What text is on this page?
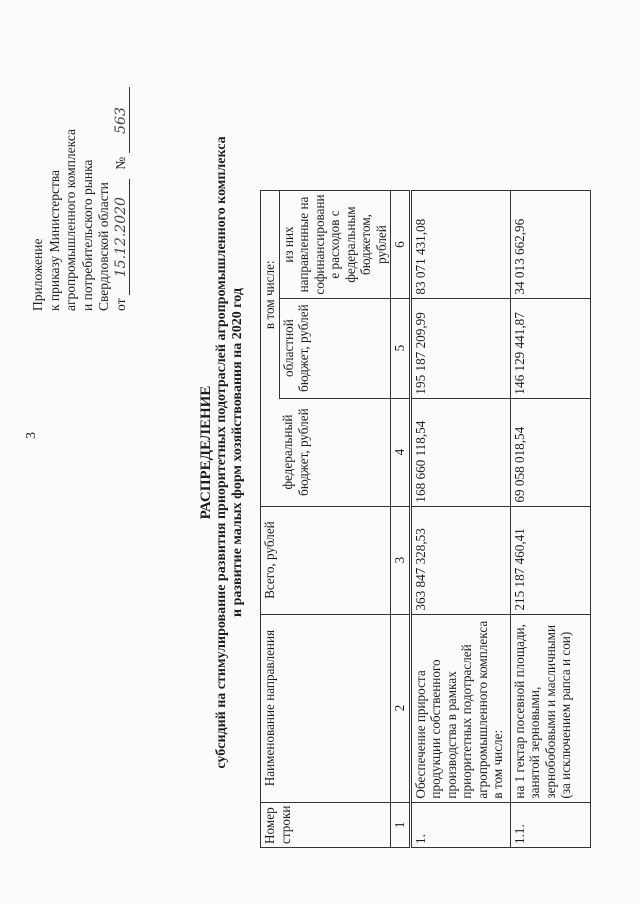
3
Приложение к приказу Министерства агропромышленного комплекса и потребительского рынка Свердловской области от 15.12.2020 № 563
РАСПРЕДЕЛЕНИЕ субсидий на стимулирование развития приоритетных подотраслей агропромышленного комплекса и развитие малых форм хозяйствования на 2020 год
Номер строки	Наименование направления	Всего, рублей		в том числе:	
			федеральный бюджет, рублей	областной бюджет, рублей	из них направленные на софинансировани е расходов с федеральным бюджетом, рублей
1	2	3	4	5	6
1.	Обеспечение прироста продукции собственного производства в рамках приоритетных подотраслей агропромышленного комплекса в том числе:	363 847 328,53	168 660 118,54	195 187 209,99	83 071 431,08
1.1.	на 1 гектар посевной площади, занятой зерновыми, зернобобовыми и масличными (за исключением рапса и сои)	215 187 460,41	69 058 018,54	146 129 441,87	34 013 662,96
